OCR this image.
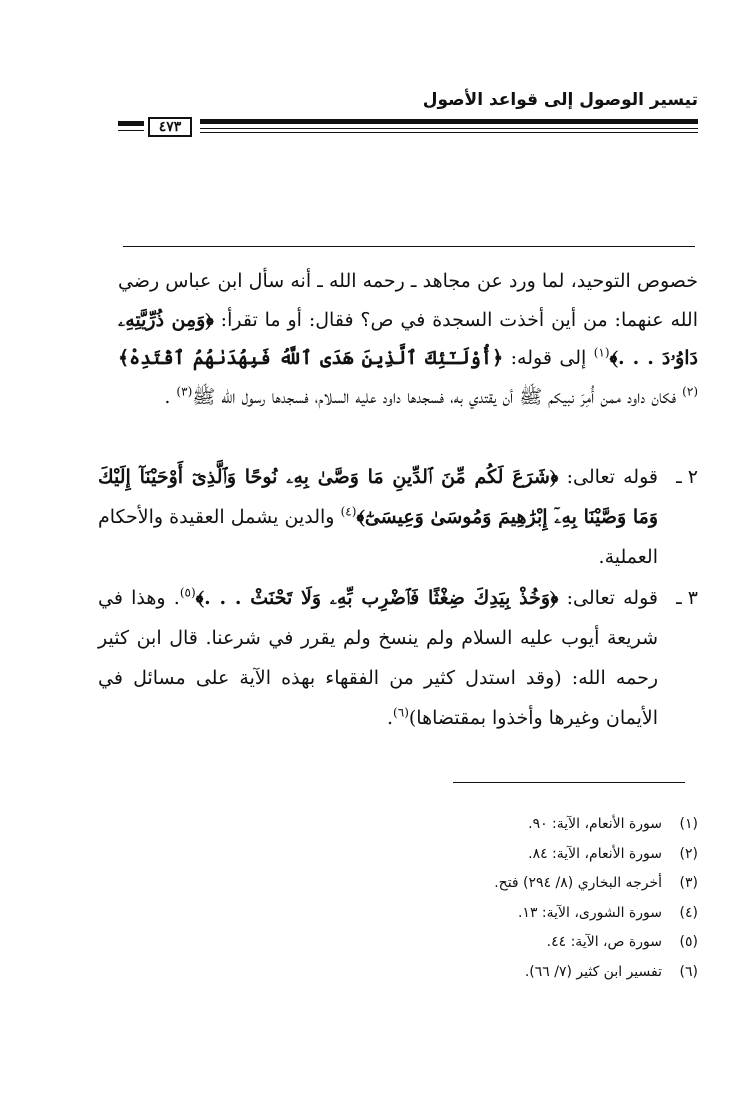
تيسير الوصول إلى قواعد الأصول
٤٧٣

خصوص التوحيد، لما ورد عن مجاهد ـ رحمه الله ـ أنه سأل ابن عباس رضي الله عنهما: من أين أخذت السجدة في ص؟ فقال: أو ما تقرأ: ﴿وَمِن ذُرِّيَّتِهِۦ دَاوُۥدَ . . .﴾$^{(١)}$ إلى قوله: ﴿أُوْلَـٰٓئِكَ ٱلَّذِينَ هَدَى ٱللَّهُ فَبِهُدَىٰهُمُ ٱقْتَدِهْ﴾$^{(٢)}$ فكان داود ممن أُمِرَ نبيكم ﷺ أن يقتدي به، فسجدها داود عليه السلام، فسجدها رسول الله ﷺ$^{(٣)}$ .

٢ ـ
قوله تعالى: ﴿شَرَعَ لَكُم مِّنَ ٱلدِّينِ مَا وَصَّىٰ بِهِۦ نُوحًا وَٱلَّذِىٓ أَوْحَيْنَآ إِلَيْكَ وَمَا وَصَّيْنَا بِهِۦٓ إِبْرَٰهِيمَ وَمُوسَىٰ وَعِيسَىٰٓ﴾$^{(٤)}$ والدين يشمل العقيدة والأحكام العملية.
٣ ـ
قوله تعالى: ﴿وَخُذْ بِيَدِكَ ضِغْثًا فَٱضْرِب بِّهِۦ وَلَا تَحْنَثْ . . .﴾$^{(٥)}$. وهذا في شريعة أيوب عليه السلام ولم ينسخ ولم يقرر في شرعنا. قال ابن كثير رحمه الله: (وقد استدل كثير من الفقهاء بهذه الآية على مسائل في الأيمان وغيرها وأخذوا بمقتضاها)$^{(٦)}$.
(١)سورة الأنعام، الآية: ٩٠.
(٢)سورة الأنعام، الآية: ٨٤.
(٣)أخرجه البخاري (٨/ ٢٩٤) فتح.
(٤)سورة الشورى، الآية: ١٣.
(٥)سورة ص، الآية: ٤٤.
(٦)تفسير ابن كثير (٧/ ٦٦).
